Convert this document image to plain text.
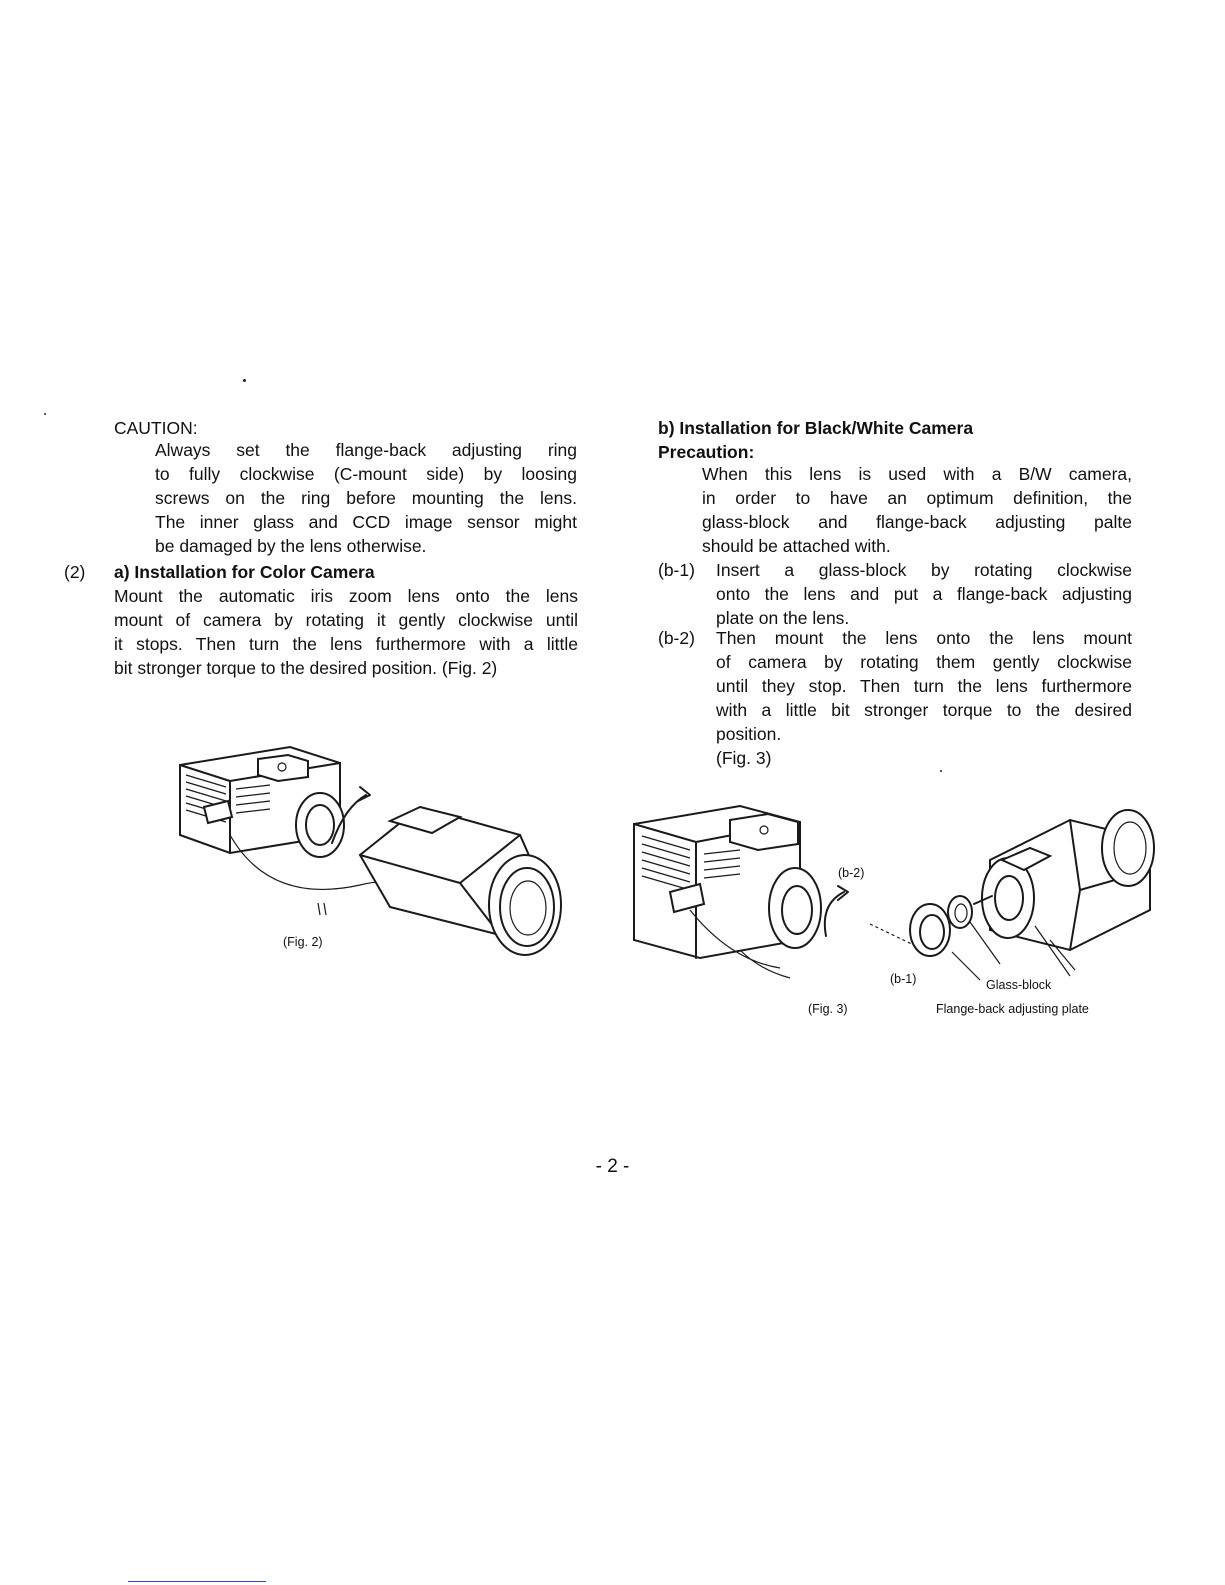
CAUTION:
Always set the flange-back adjusting ring
to fully clockwise (C-mount side) by loosing
screws on the ring before mounting the lens.
The inner glass and CCD image sensor might
be damaged by the lens otherwise.
(2) a) Installation for Color Camera
Mount the automatic iris zoom lens onto the lens
mount of camera by rotating it gently clockwise until
it stops. Then turn the lens furthermore with a little
bit stronger torque to the desired position. (Fig. 2)
(Fig. 2)
b) Installation for Black/White Camera
Precaution:
When this lens is used with a B/W camera,
in order to have an optimum definition, the
glass-block and flange-back adjusting palte
should be attached with.
(b-1) Insert a glass-block by rotating clockwise
onto the lens and put a flange-back adjusting
plate on the lens.
(b-2) Then mount the lens onto the lens mount
of camera by rotating them gently clockwise
until they stop. Then turn the lens furthermore
with a little bit stronger torque to the desired
position.
(Fig. 3)
(b-2)
(b-1)	Glass-block
Flange-back adjusting plate
(Fig. 3)
- 2 -
